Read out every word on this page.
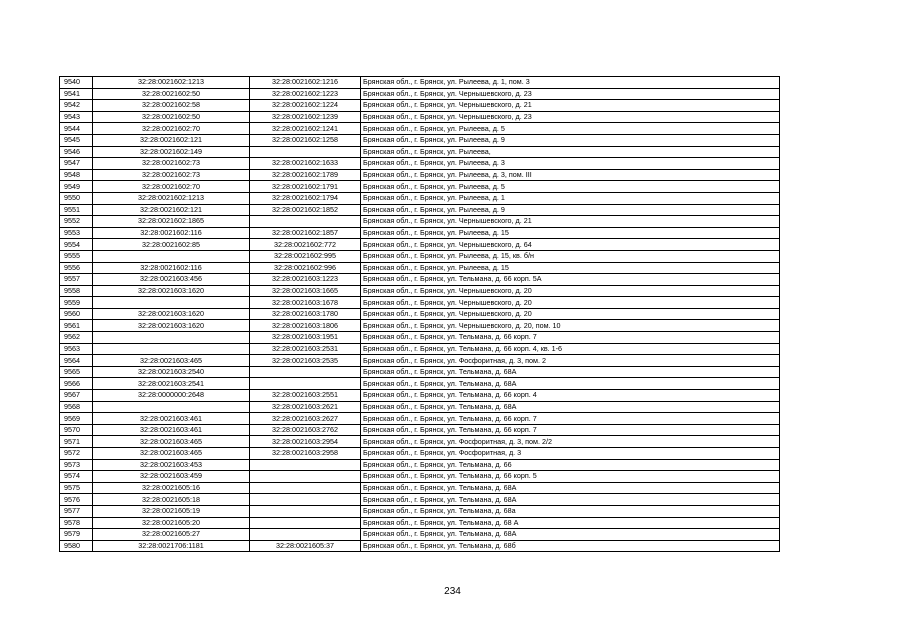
9540	32:28:0021602:1213	32:28:0021602:1216	Брянская обл., г. Брянск, ул. Рылеева, д. 1, пом. 3
9541	32:28:0021602:50	32:28:0021602:1223	Брянская обл., г. Брянск, ул. Чернышевского, д. 23
9542	32:28:0021602:58	32:28:0021602:1224	Брянская обл., г. Брянск, ул. Чернышевского, д. 21
9543	32:28:0021602:50	32:28:0021602:1239	Брянская обл., г. Брянск, ул. Чернышевского, д. 23
9544	32:28:0021602:70	32:28:0021602:1241	Брянская обл., г. Брянск, ул. Рылеева, д. 5
9545	32:28:0021602:121	32:28:0021602:1258	Брянская обл., г. Брянск, ул. Рылеева, д. 9
9546	32:28:0021602:149		Брянская обл., г. Брянск, ул. Рылеева,
9547	32:28:0021602:73	32:28:0021602:1633	Брянская обл., г. Брянск, ул. Рылеева, д. 3
9548	32:28:0021602:73	32:28:0021602:1789	Брянская обл., г. Брянск, ул. Рылеева, д. 3, пом. III
9549	32:28:0021602:70	32:28:0021602:1791	Брянская обл., г. Брянск, ул. Рылеева, д. 5
9550	32:28:0021602:1213	32:28:0021602:1794	Брянская обл., г. Брянск, ул. Рылеева, д. 1
9551	32:28:0021602:121	32:28:0021602:1852	Брянская обл., г. Брянск, ул. Рылеева, д. 9
9552	32:28:0021602:1865		Брянская обл., г. Брянск, ул. Чернышевского, д. 21
9553	32:28:0021602:116	32:28:0021602:1857	Брянская обл., г. Брянск, ул. Рылеева, д. 15
9554	32:28:0021602:85	32:28:0021602:772	Брянская обл., г. Брянск, ул. Чернышевского, д. 64
9555		32:28:0021602:995	Брянская обл., г. Брянск, ул. Рылеева, д. 15, кв. б/н
9556	32:28:0021602:116	32:28:0021602:996	Брянская обл., г. Брянск, ул. Рылеева, д. 15
9557	32:28:0021603:456	32:28:0021603:1223	Брянская обл., г. Брянск, ул. Тельмана, д. 66 корп. 5А
9558	32:28:0021603:1620	32:28:0021603:1665	Брянская обл., г. Брянск, ул. Чернышевского, д. 20
9559		32:28:0021603:1678	Брянская обл., г. Брянск, ул. Чернышевского, д. 20
9560	32:28:0021603:1620	32:28:0021603:1780	Брянская обл., г. Брянск, ул. Чернышевского, д. 20
9561	32:28:0021603:1620	32:28:0021603:1806	Брянская обл., г. Брянск, ул. Чернышевского, д. 20, пом. 10
9562		32:28:0021603:1951	Брянская обл., г. Брянск, ул. Тельмана, д. 66 корп. 7
9563		32:28:0021603:2531	Брянская обл., г. Брянск, ул. Тельмана, д. 66 корп. 4, кв. 1-6
9564	32:28:0021603:465	32:28:0021603:2535	Брянская обл., г. Брянск, ул. Фосфоритная, д. 3, пом. 2
9565	32:28:0021603:2540		Брянская обл., г. Брянск, ул. Тельмана, д. 68А
9566	32:28:0021603:2541		Брянская обл., г. Брянск, ул. Тельмана, д. 68А
9567	32:28:0000000:2648	32:28:0021603:2551	Брянская обл., г. Брянск, ул. Тельмана, д. 66 корп. 4
9568		32:28:0021603:2621	Брянская обл., г. Брянск, ул. Тельмана, д. 68А
9569	32:28:0021603:461	32:28:0021603:2627	Брянская обл., г. Брянск, ул. Тельмана, д. 66 корп. 7
9570	32:28:0021603:461	32:28:0021603:2762	Брянская обл., г. Брянск, ул. Тельмана, д. 66 корп. 7
9571	32:28:0021603:465	32:28:0021603:2954	Брянская обл., г. Брянск, ул. Фосфоритная, д. 3, пом. 2/2
9572	32:28:0021603:465	32:28:0021603:2958	Брянская обл., г. Брянск, ул. Фосфоритная, д. 3
9573	32:28:0021603:453		Брянская обл., г. Брянск, ул. Тельмана, д. 66
9574	32:28:0021603:459		Брянская обл., г. Брянск, ул. Тельмана, д. 66 корп. 5
9575	32:28:0021605:16		Брянская обл., г. Брянск, ул. Тельмана, д. 68А
9576	32:28:0021605:18		Брянская обл., г. Брянск, ул. Тельмана, д. 68А
9577	32:28:0021605:19		Брянская обл., г. Брянск, ул. Тельмана, д. 68а
9578	32:28:0021605:20		Брянская обл., г. Брянск, ул. Тельмана, д. 68 А
9579	32:28:0021605:27		Брянская обл., г. Брянск, ул. Тельмана, д. 68А
9580	32:28:0021706:1181	32:28:0021605:37	Брянская обл., г. Брянск, ул. Тельмана, д. 68б
234
